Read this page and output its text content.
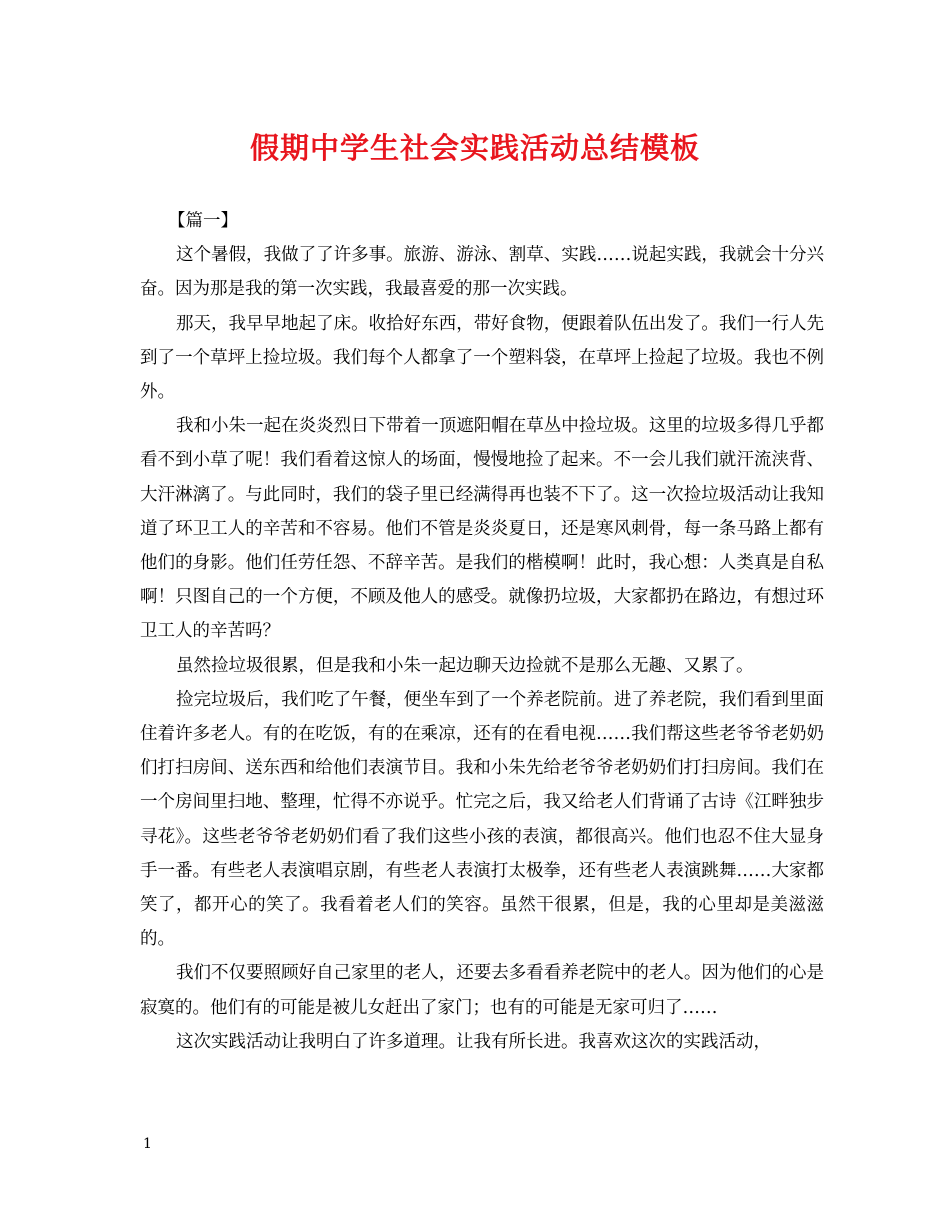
假期中学生社会实践活动总结模板

【篇一】

这个暑假，我做了了许多事。旅游、游泳、割草、实践……说起实践，我就会十分兴奋。因为那是我的第一次实践，我最喜爱的那一次实践。

那天，我早早地起了床。收拾好东西，带好食物，便跟着队伍出发了。我们一行人先到了一个草坪上捡垃圾。我们每个人都拿了一个塑料袋，在草坪上捡起了垃圾。我也不例外。

我和小朱一起在炎炎烈日下带着一顶遮阳帽在草丛中捡垃圾。这里的垃圾多得几乎都看不到小草了呢！我们看着这惊人的场面，慢慢地捡了起来。不一会儿我们就汗流浃背、大汗淋漓了。与此同时，我们的袋子里已经满得再也装不下了。这一次捡垃圾活动让我知道了环卫工人的辛苦和不容易。他们不管是炎炎夏日，还是寒风刺骨，每一条马路上都有他们的身影。他们任劳任怨、不辞辛苦。是我们的楷模啊！此时，我心想：人类真是自私啊！只图自己的一个方便，不顾及他人的感受。就像扔垃圾，大家都扔在路边，有想过环卫工人的辛苦吗？

虽然捡垃圾很累，但是我和小朱一起边聊天边捡就不是那么无趣、又累了。

捡完垃圾后，我们吃了午餐，便坐车到了一个养老院前。进了养老院，我们看到里面住着许多老人。有的在吃饭，有的在乘凉，还有的在看电视……我们帮这些老爷爷老奶奶们打扫房间、送东西和给他们表演节目。我和小朱先给老爷爷老奶奶们打扫房间。我们在一个房间里扫地、整理，忙得不亦说乎。忙完之后，我又给老人们背诵了古诗《江畔独步寻花》。这些老爷爷老奶奶们看了我们这些小孩的表演，都很高兴。他们也忍不住大显身手一番。有些老人表演唱京剧，有些老人表演打太极拳，还有些老人表演跳舞……大家都笑了，都开心的笑了。我看着老人们的笑容。虽然干很累，但是，我的心里却是美滋滋的。

我们不仅要照顾好自己家里的老人，还要去多看看养老院中的老人。因为他们的心是寂寞的。他们有的可能是被儿女赶出了家门；也有的可能是无家可归了……

这次实践活动让我明白了许多道理。让我有所长进。我喜欢这次的实践活动，

1
